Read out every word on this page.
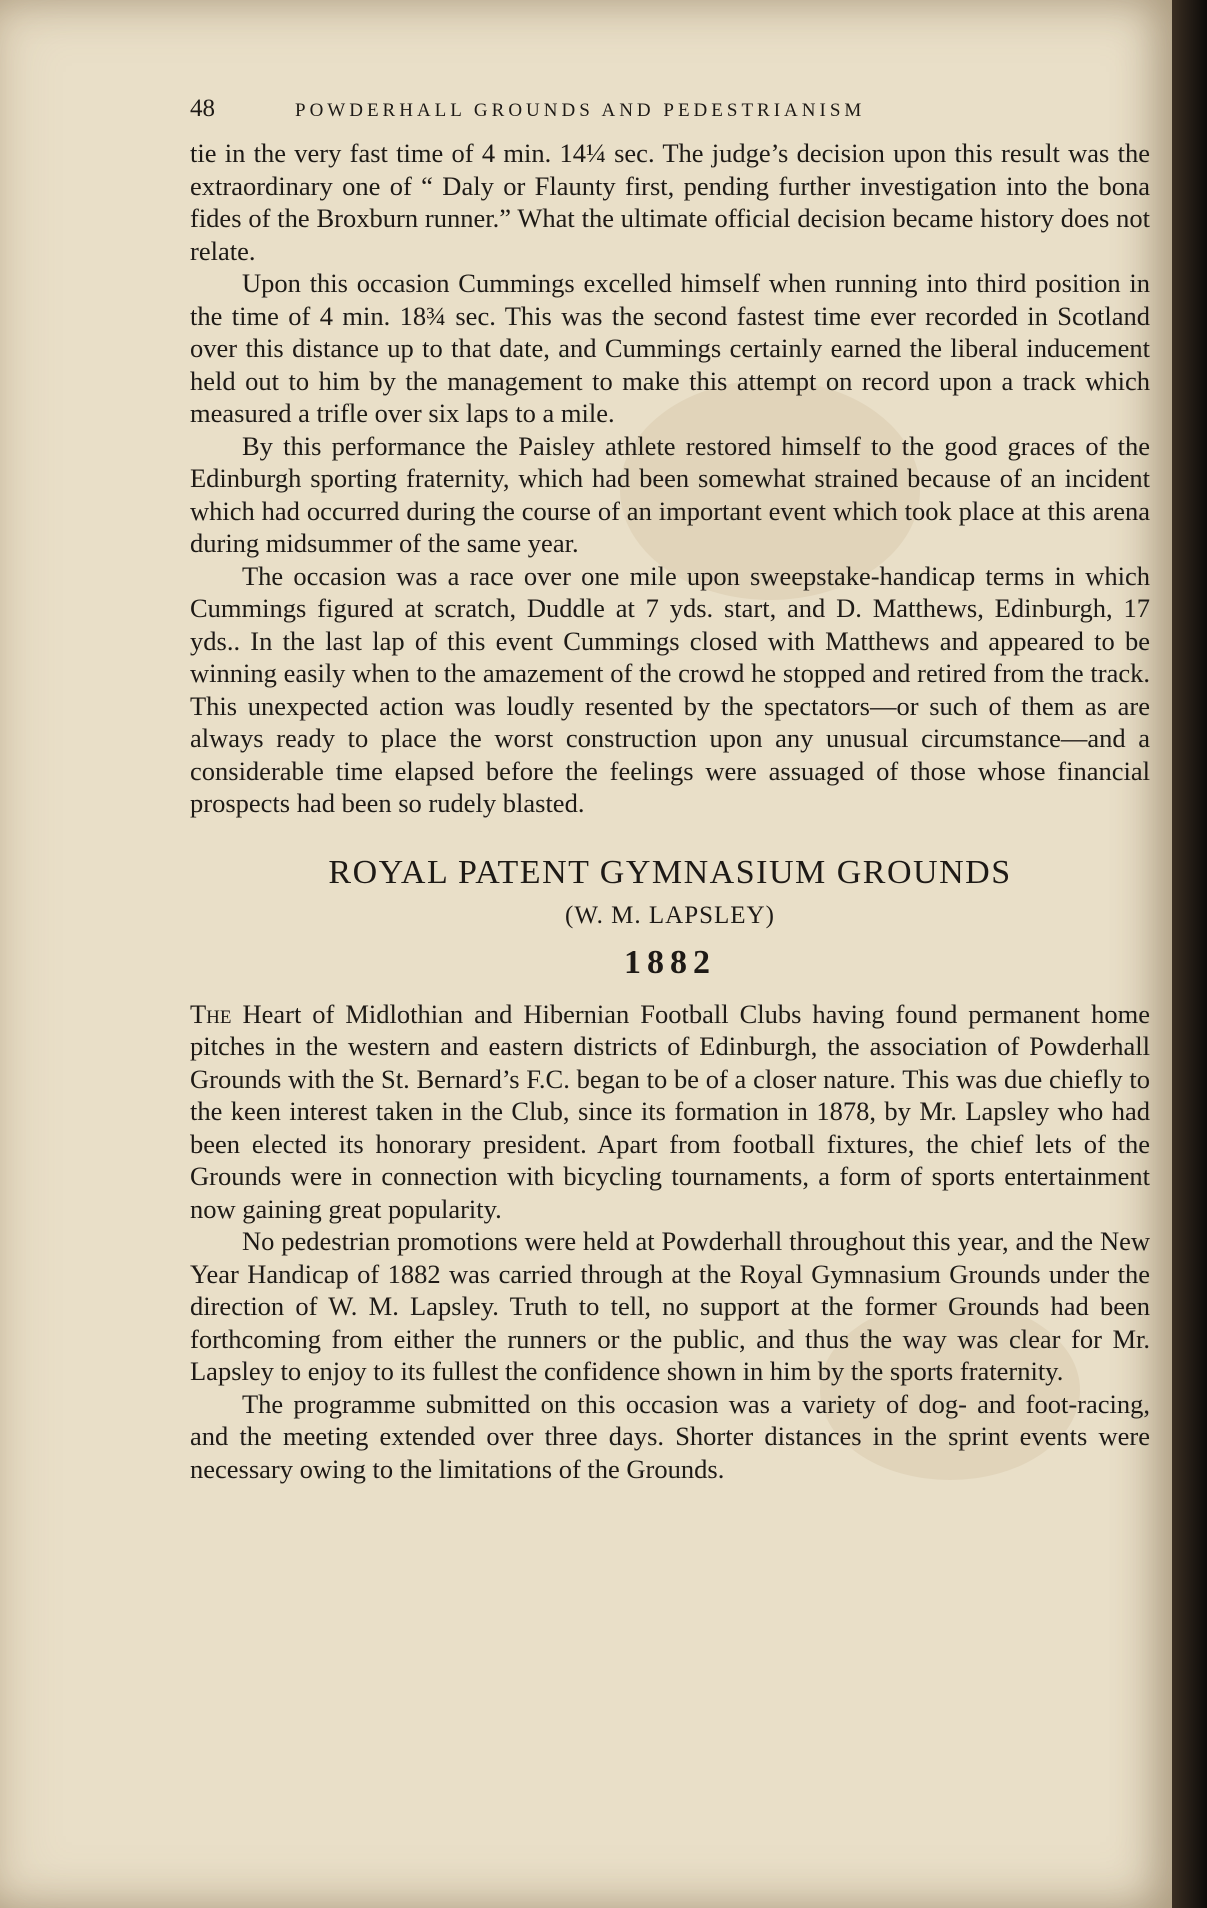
48	POWDERHALL GROUNDS AND PEDESTRIANISM

tie in the very fast time of 4 min. 14¼ sec. The judge’s decision upon this result was the extraordinary one of “ Daly or Flaunty first, pending further investigation into the bona fides of the Broxburn runner.” What the ultimate official decision became history does not relate.

Upon this occasion Cummings excelled himself when running into third position in the time of 4 min. 18¾ sec. This was the second fastest time ever recorded in Scotland over this distance up to that date, and Cummings certainly earned the liberal inducement held out to him by the management to make this attempt on record upon a track which measured a trifle over six laps to a mile.

By this performance the Paisley athlete restored himself to the good graces of the Edinburgh sporting fraternity, which had been somewhat strained because of an incident which had occurred during the course of an important event which took place at this arena during midsummer of the same year.

The occasion was a race over one mile upon sweepstake-handicap terms in which Cummings figured at scratch, Duddle at 7 yds. start, and D. Matthews, Edinburgh, 17 yds.. In the last lap of this event Cummings closed with Matthews and appeared to be winning easily when to the amazement of the crowd he stopped and retired from the track. This unexpected action was loudly resented by the spectators—or such of them as are always ready to place the worst construction upon any unusual circumstance—and a considerable time elapsed before the feelings were assuaged of those whose financial prospects had been so rudely blasted.

ROYAL PATENT GYMNASIUM GROUNDS
(W. M. LAPSLEY)
1882

The Heart of Midlothian and Hibernian Football Clubs having found permanent home pitches in the western and eastern districts of Edinburgh, the association of Powderhall Grounds with the St. Bernard’s F.C. began to be of a closer nature. This was due chiefly to the keen interest taken in the Club, since its formation in 1878, by Mr. Lapsley who had been elected its honorary president. Apart from football fixtures, the chief lets of the Grounds were in connection with bicycling tournaments, a form of sports entertainment now gaining great popularity.

No pedestrian promotions were held at Powderhall throughout this year, and the New Year Handicap of 1882 was carried through at the Royal Gymnasium Grounds under the direction of W. M. Lapsley. Truth to tell, no support at the former Grounds had been forthcoming from either the runners or the public, and thus the way was clear for Mr. Lapsley to enjoy to its fullest the confidence shown in him by the sports fraternity.

The programme submitted on this occasion was a variety of dog- and foot-racing, and the meeting extended over three days. Shorter distances in the sprint events were necessary owing to the limitations of the Grounds.
